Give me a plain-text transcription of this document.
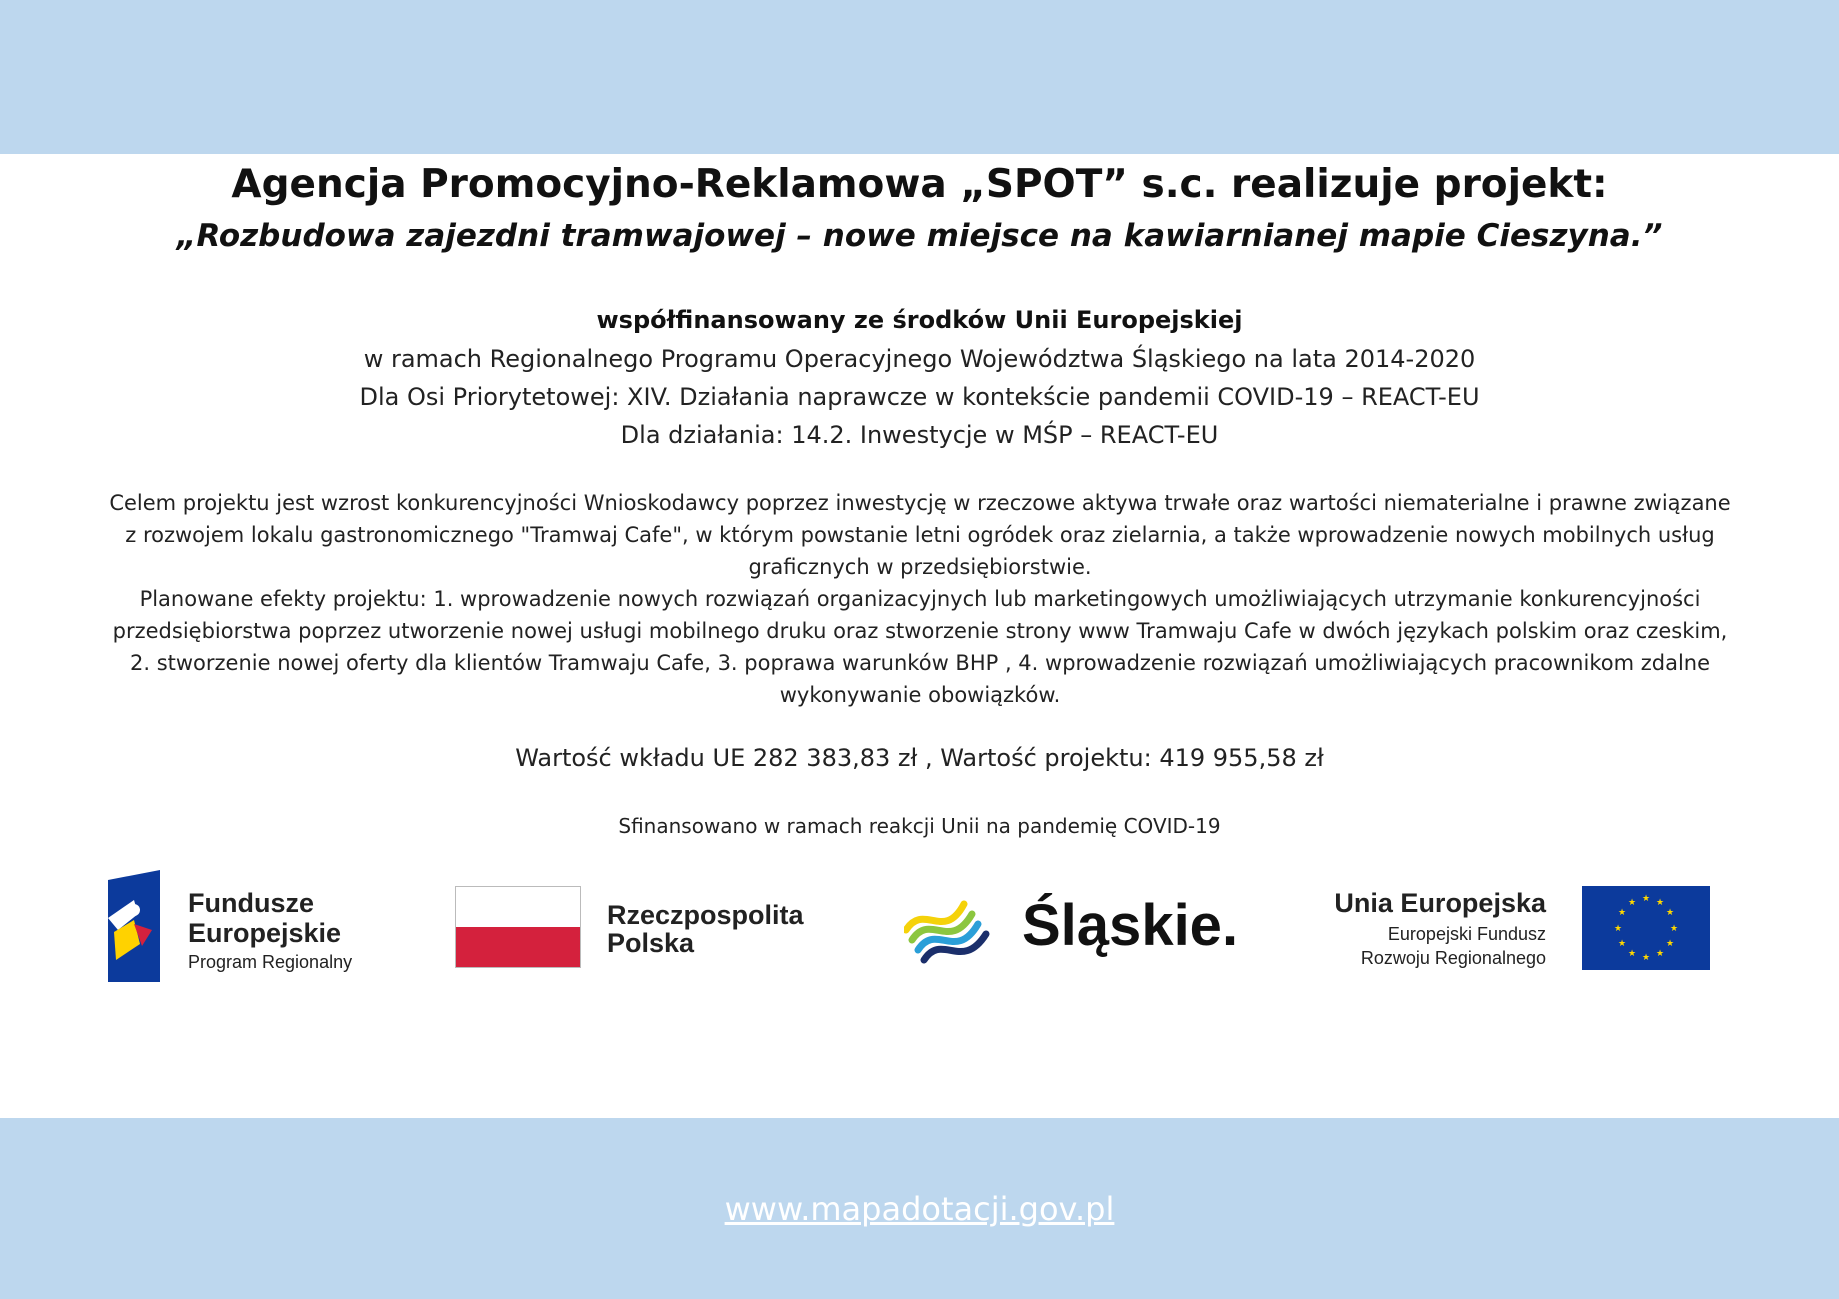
Agencja Promocyjno-Reklamowa „SPOT” s.c. realizuje projekt:
„Rozbudowa zajezdni tramwajowej – nowe miejsce na kawiarnianej mapie Cieszyna.”
współfinansowany ze środków Unii Europejskiej
w ramach Regionalnego Programu Operacyjnego Województwa Śląskiego na lata 2014-2020
Dla Osi Priorytetowej: XIV. Działania naprawcze w kontekście pandemii COVID-19 – REACT-EU
Dla działania: 14.2. Inwestycje w MŚP – REACT-EU
Celem projektu jest wzrost konkurencyjności Wnioskodawcy poprzez inwestycję w rzeczowe aktywa trwałe oraz wartości niematerialne i prawne związane
z rozwojem lokalu gastronomicznego "Tramwaj Cafe", w którym powstanie letni ogródek oraz zielarnia, a także wprowadzenie nowych mobilnych usług
graficznych w przedsiębiorstwie.
Planowane efekty projektu: 1. wprowadzenie nowych rozwiązań organizacyjnych lub marketingowych umożliwiających utrzymanie konkurencyjności
przedsiębiorstwa poprzez utworzenie nowej usługi mobilnego druku oraz stworzenie strony www Tramwaju Cafe w dwóch językach polskim oraz czeskim,
2. stworzenie nowej oferty dla klientów Tramwaju Cafe, 3. poprawa warunków BHP , 4. wprowadzenie rozwiązań umożliwiających pracownikom zdalne
wykonywanie obowiązków.
Wartość wkładu UE 282 383,83 zł , Wartość projektu: 419 955,58 zł
Sfinansowano w ramach reakcji Unii na pandemię COVID-19
Fundusze
Europejskie
Program Regionalny
Rzeczpospolita
Polska	Śląskie.	Unia Europejska
Europejski Fundusz
Rozwoju Regionalnego
★ ★
★
★
★
★
★
★
★
★
★
★
www.mapadotacji.gov.pl
